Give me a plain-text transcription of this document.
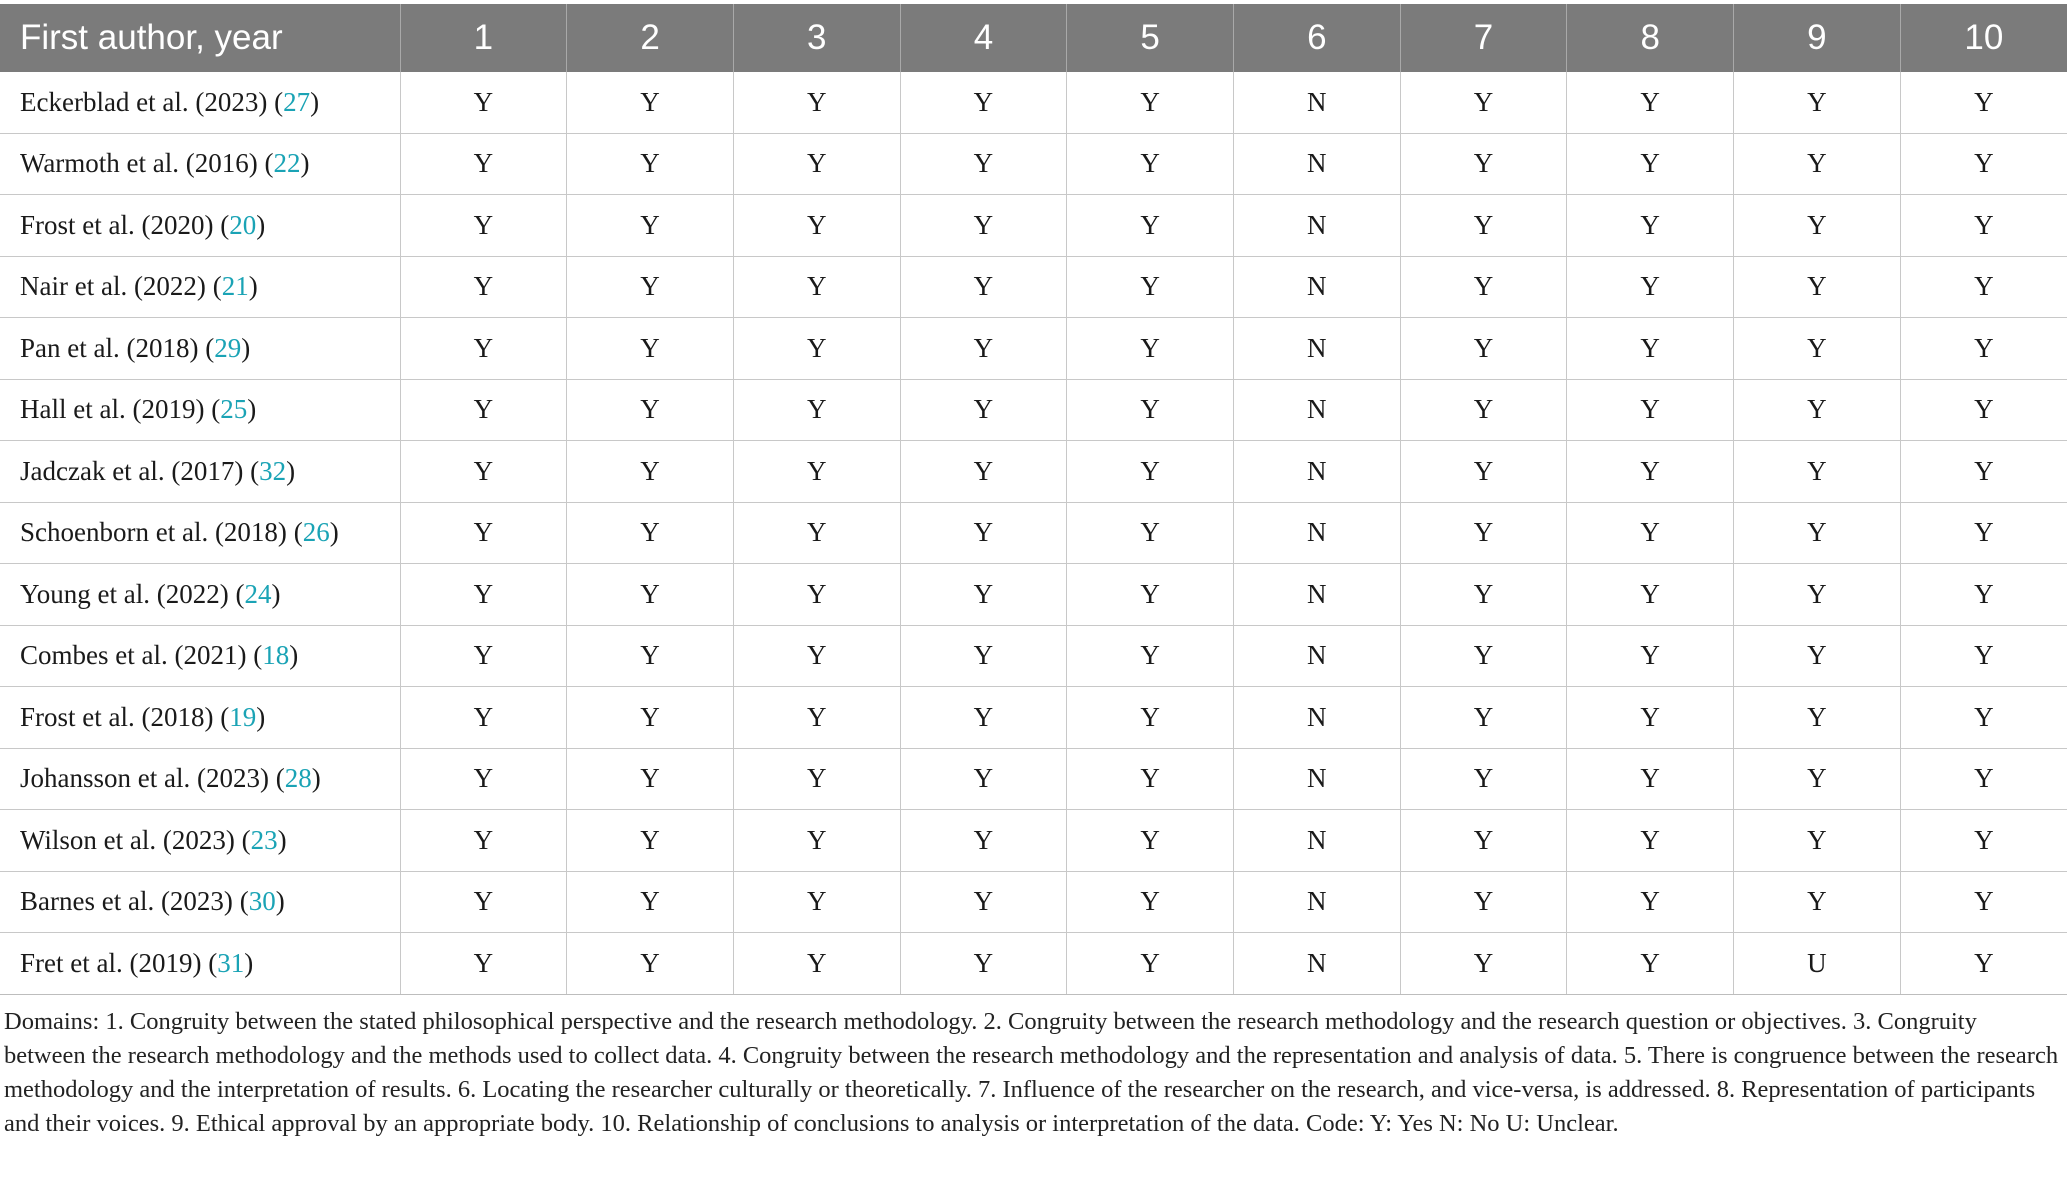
First author, year	1	2	3	4	5	6	7	8	9	10
Eckerblad et al. (2023) (27)	Y	Y	Y	Y	Y	N	Y	Y	Y	Y
Warmoth et al. (2016) (22)	Y	Y	Y	Y	Y	N	Y	Y	Y	Y
Frost et al. (2020) (20)	Y	Y	Y	Y	Y	N	Y	Y	Y	Y
Nair et al. (2022) (21)	Y	Y	Y	Y	Y	N	Y	Y	Y	Y
Pan et al. (2018) (29)	Y	Y	Y	Y	Y	N	Y	Y	Y	Y
Hall et al. (2019) (25)	Y	Y	Y	Y	Y	N	Y	Y	Y	Y
Jadczak et al. (2017) (32)	Y	Y	Y	Y	Y	N	Y	Y	Y	Y
Schoenborn et al. (2018) (26)	Y	Y	Y	Y	Y	N	Y	Y	Y	Y
Young et al. (2022) (24)	Y	Y	Y	Y	Y	N	Y	Y	Y	Y
Combes et al. (2021) (18)	Y	Y	Y	Y	Y	N	Y	Y	Y	Y
Frost et al. (2018) (19)	Y	Y	Y	Y	Y	N	Y	Y	Y	Y
Johansson et al. (2023) (28)	Y	Y	Y	Y	Y	N	Y	Y	Y	Y
Wilson et al. (2023) (23)	Y	Y	Y	Y	Y	N	Y	Y	Y	Y
Barnes et al. (2023) (30)	Y	Y	Y	Y	Y	N	Y	Y	Y	Y
Fret et al. (2019) (31)	Y	Y	Y	Y	Y	N	Y	Y	U	Y
Domains: 1. Congruity between the stated philosophical perspective and the research methodology. 2. Congruity between the research methodology and the research question or objectives. 3. Congruity between the research methodology and the methods used to collect data. 4. Congruity between the research methodology and the representation and analysis of data. 5. There is congruence between the research methodology and the interpretation of results. 6. Locating the researcher culturally or theoretically. 7. Influence of the researcher on the research, and vice-versa, is addressed. 8. Representation of participants and their voices. 9. Ethical approval by an appropriate body. 10. Relationship of conclusions to analysis or interpretation of the data. Code: Y: Yes N: No U: Unclear.
